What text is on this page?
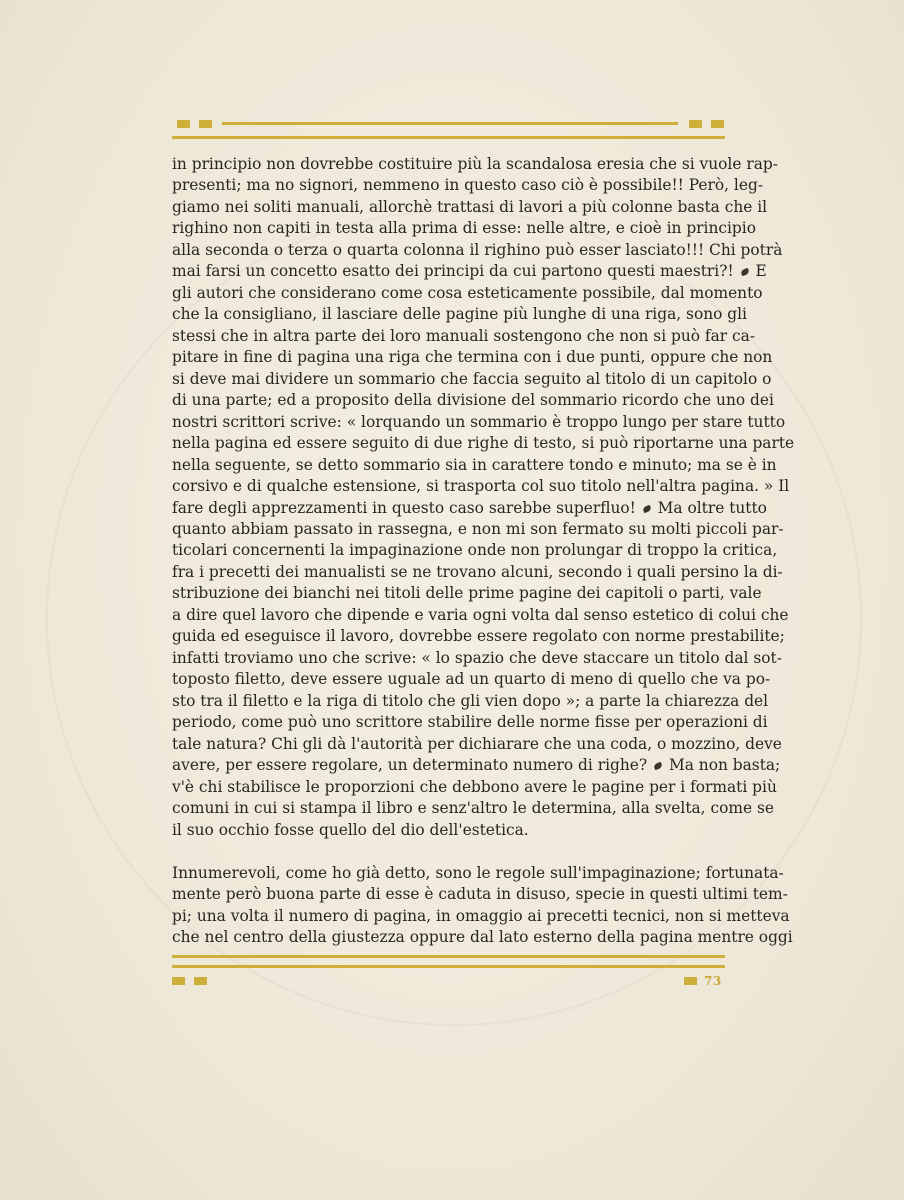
in principio non dovrebbe costituire più la scandalosa eresia che si vuole rap-
presenti; ma no signori, nemmeno in questo caso ciò è possibile!! Però, leg-
giamo nei soliti manuali, allorchè trattasi di lavori a più colonne basta che il
righino non capiti in testa alla prima di esse: nelle altre, e cioè in principio
alla seconda o terza o quarta colonna il righino può esser lasciato!!! Chi potrà
mai farsi un concetto esatto dei principi da cui partono questi maestri?! E
gli autori che considerano come cosa esteticamente possibile, dal momento
che la consigliano, il lasciare delle pagine più lunghe di una riga, sono gli
stessi che in altra parte dei loro manuali sostengono che non si può far ca-
pitare in fine di pagina una riga che termina con i due punti, oppure che non
si deve mai dividere un sommario che faccia seguito al titolo di un capitolo o
di una parte; ed a proposito della divisione del sommario ricordo che uno dei
nostri scrittori scrive: « lorquando un sommario è troppo lungo per stare tutto
nella pagina ed essere seguito di due righe di testo, si può riportarne una parte
nella seguente, se detto sommario sia in carattere tondo e minuto; ma se è in
corsivo e di qualche estensione, si trasporta col suo titolo nell'altra pagina. » Il
fare degli apprezzamenti in questo caso sarebbe superfluo! Ma oltre tutto
quanto abbiam passato in rassegna, e non mi son fermato su molti piccoli par-
ticolari concernenti la impaginazione onde non prolungar di troppo la critica,
fra i precetti dei manualisti se ne trovano alcuni, secondo i quali persino la di-
stribuzione dei bianchi nei titoli delle prime pagine dei capitoli o parti, vale
a dire quel lavoro che dipende e varia ogni volta dal senso estetico di colui che
guida ed eseguisce il lavoro, dovrebbe essere regolato con norme prestabilite;
infatti troviamo uno che scrive: « lo spazio che deve staccare un titolo dal sot-
toposto filetto, deve essere uguale ad un quarto di meno di quello che va po-
sto tra il filetto e la riga di titolo che gli vien dopo »; a parte la chiarezza del
periodo, come può uno scrittore stabilire delle norme fisse per operazioni di
tale natura? Chi gli dà l'autorità per dichiarare che una coda, o mozzino, deve
avere, per essere regolare, un determinato numero di righe? Ma non basta;
v'è chi stabilisce le proporzioni che debbono avere le pagine per i formati più
comuni in cui si stampa il libro e senz'altro le determina, alla svelta, come se
il suo occhio fosse quello del dio dell'estetica.
Innumerevoli, come ho già detto, sono le regole sull'impaginazione; fortunata-
mente però buona parte di esse è caduta in disuso, specie in questi ultimi tem-
pi; una volta il numero di pagina, in omaggio ai precetti tecnici, non si metteva
che nel centro della giustezza oppure dal lato esterno della pagina mentre oggi
73
